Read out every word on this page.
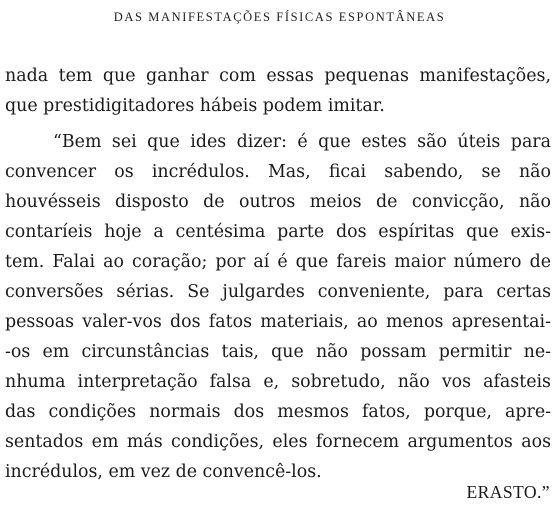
DAS MANIFESTAÇÕES FÍSICAS ESPONTÂNEAS
nada tem que ganhar com essas pequenas manifestações,
que prestidigitadores hábeis podem imitar.
“Bem sei que ides dizer: é que estes são úteis para
convencer os incrédulos. Mas, ficai sabendo, se não
houvésseis disposto de outros meios de convicção, não
contaríeis hoje a centésima parte dos espíritas que exis-
tem. Falai ao coração; por aí é que fareis maior número de
conversões sérias. Se julgardes conveniente, para certas
pessoas valer-vos dos fatos materiais, ao menos apresentai-
-os em circunstâncias tais, que não possam permitir ne-
nhuma interpretação falsa e, sobretudo, não vos afasteis
das condições normais dos mesmos fatos, porque, apre-
sentados em más condições, eles fornecem argumentos aos
incrédulos, em vez de convencê-los.
ERASTO.”
